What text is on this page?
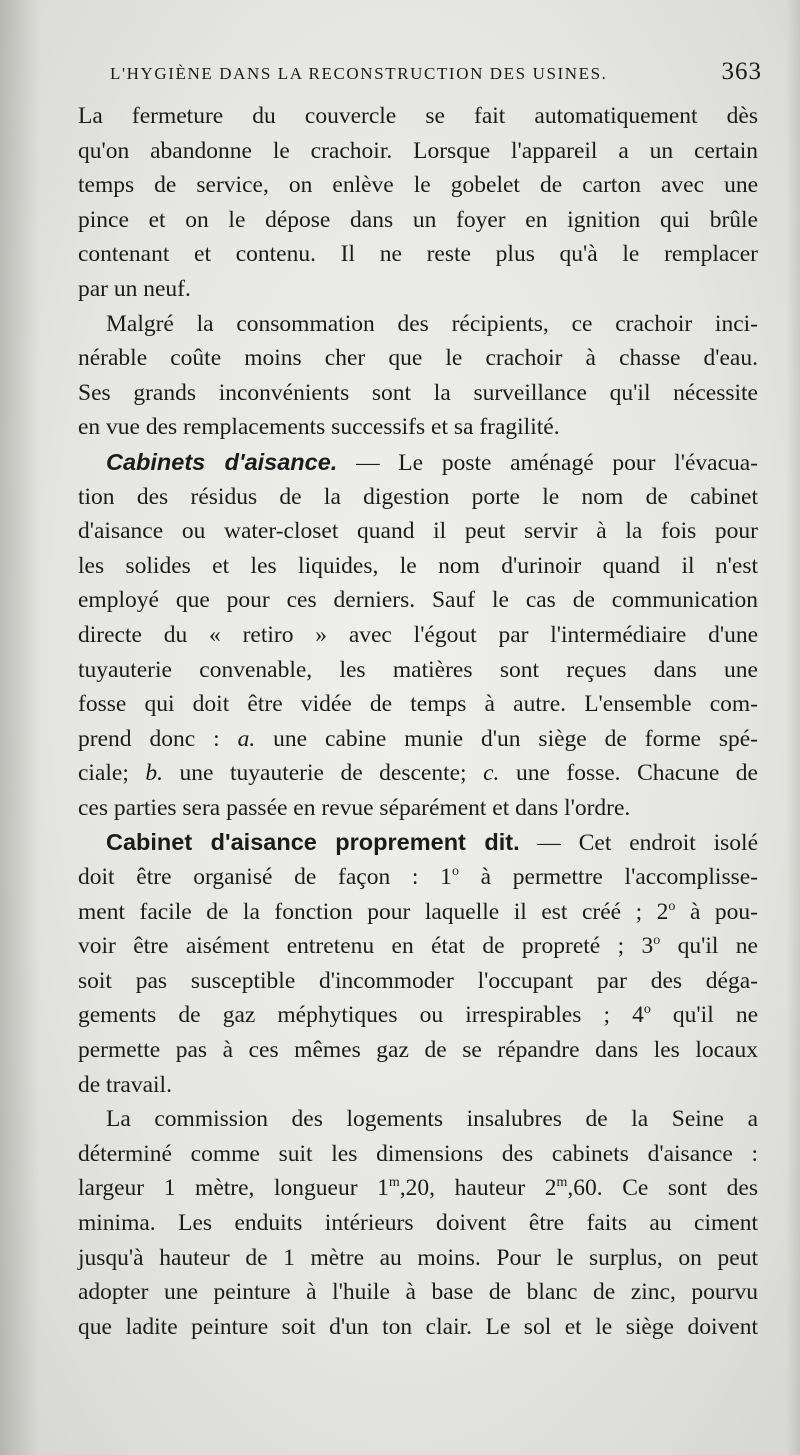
L'HYGIÈNE DANS LA RECONSTRUCTION DES USINES.	363
La fermeture du couvercle se fait automatiquement dès
qu'on abandonne le crachoir. Lorsque l'appareil a un certain
temps de service, on enlève le gobelet de carton avec une
pince et on le dépose dans un foyer en ignition qui brûle
contenant et contenu. Il ne reste plus qu'à le remplacer
par un neuf.
Malgré la consommation des récipients, ce crachoir inci-
nérable coûte moins cher que le crachoir à chasse d'eau.
Ses grands inconvénients sont la surveillance qu'il nécessite
en vue des remplacements successifs et sa fragilité.
Cabinets d'aisance. — Le poste aménagé pour l'évacua-
tion des résidus de la digestion porte le nom de cabinet
d'aisance ou water-closet quand il peut servir à la fois pour
les solides et les liquides, le nom d'urinoir quand il n'est
employé que pour ces derniers. Sauf le cas de communication
directe du « retiro » avec l'égout par l'intermédiaire d'une
tuyauterie convenable, les matières sont reçues dans une
fosse qui doit être vidée de temps à autre. L'ensemble com-
prend donc : a. une cabine munie d'un siège de forme spé-
ciale; b. une tuyauterie de descente; c. une fosse. Chacune de
ces parties sera passée en revue séparément et dans l'ordre.
Cabinet d'aisance proprement dit. — Cet endroit isolé
doit être organisé de façon : 1$^o$ à permettre l'accomplisse-
ment facile de la fonction pour laquelle il est créé ; 2$^o$ à pou-
voir être aisément entretenu en état de propreté ; 3$^o$ qu'il ne
soit pas susceptible d'incommoder l'occupant par des déga-
gements de gaz méphytiques ou irrespirables ; 4$^o$ qu'il ne
permette pas à ces mêmes gaz de se répandre dans les locaux
de travail.
La commission des logements insalubres de la Seine a
déterminé comme suit les dimensions des cabinets d'aisance :
largeur 1 mètre, longueur 1$^m$,20, hauteur 2$^m$,60. Ce sont des
minima. Les enduits intérieurs doivent être faits au ciment
jusqu'à hauteur de 1 mètre au moins. Pour le surplus, on peut
adopter une peinture à l'huile à base de blanc de zinc, pourvu
que ladite peinture soit d'un ton clair. Le sol et le siège doivent
